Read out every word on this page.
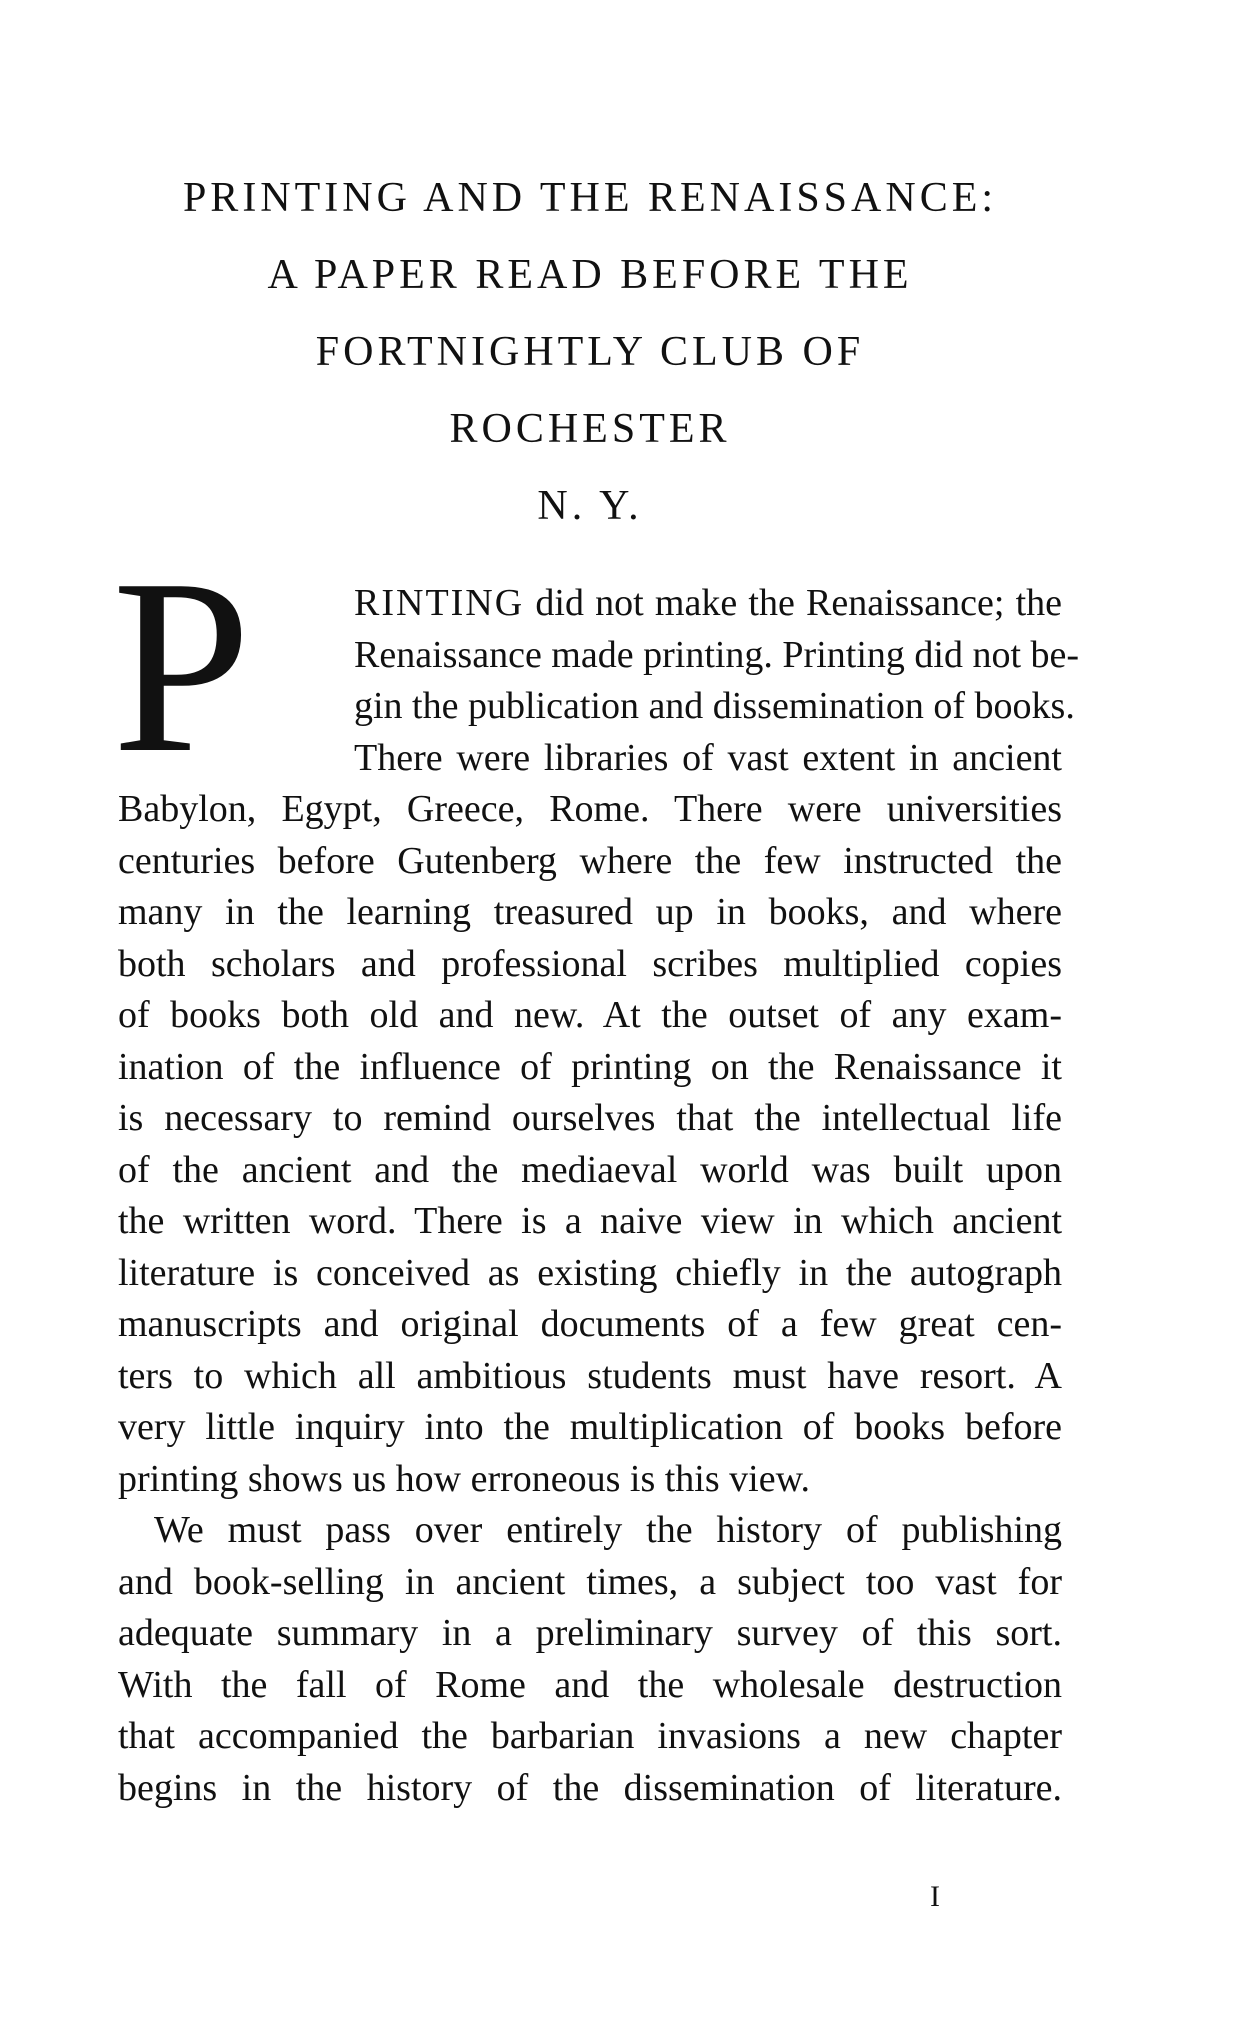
PRINTING AND THE RENAISSANCE:
A PAPER READ BEFORE THE
FORTNIGHTLY CLUB OF
ROCHESTER
N. Y.
P	RINTING did not make the Renaissance; the
Renaissance made printing. Printing did not be-
gin the publication and dissemination of books.
There were libraries of vast extent in ancient
Babylon, Egypt, Greece, Rome. There were universities
centuries before Gutenberg where the few instructed the
many in the learning treasured up in books, and where
both scholars and professional scribes multiplied copies
of books both old and new. At the outset of any exam-
ination of the influence of printing on the Renaissance it
is necessary to remind ourselves that the intellectual life
of the ancient and the mediaeval world was built upon
the written word. There is a naive view in which ancient
literature is conceived as existing chiefly in the autograph
manuscripts and original documents of a few great cen-
ters to which all ambitious students must have resort. A
very little inquiry into the multiplication of books before
printing shows us how erroneous is this view.
We must pass over entirely the history of publishing
and book-selling in ancient times, a subject too vast for
adequate summary in a preliminary survey of this sort.
With the fall of Rome and the wholesale destruction
that accompanied the barbarian invasions a new chapter
begins in the history of the dissemination of literature.
I
